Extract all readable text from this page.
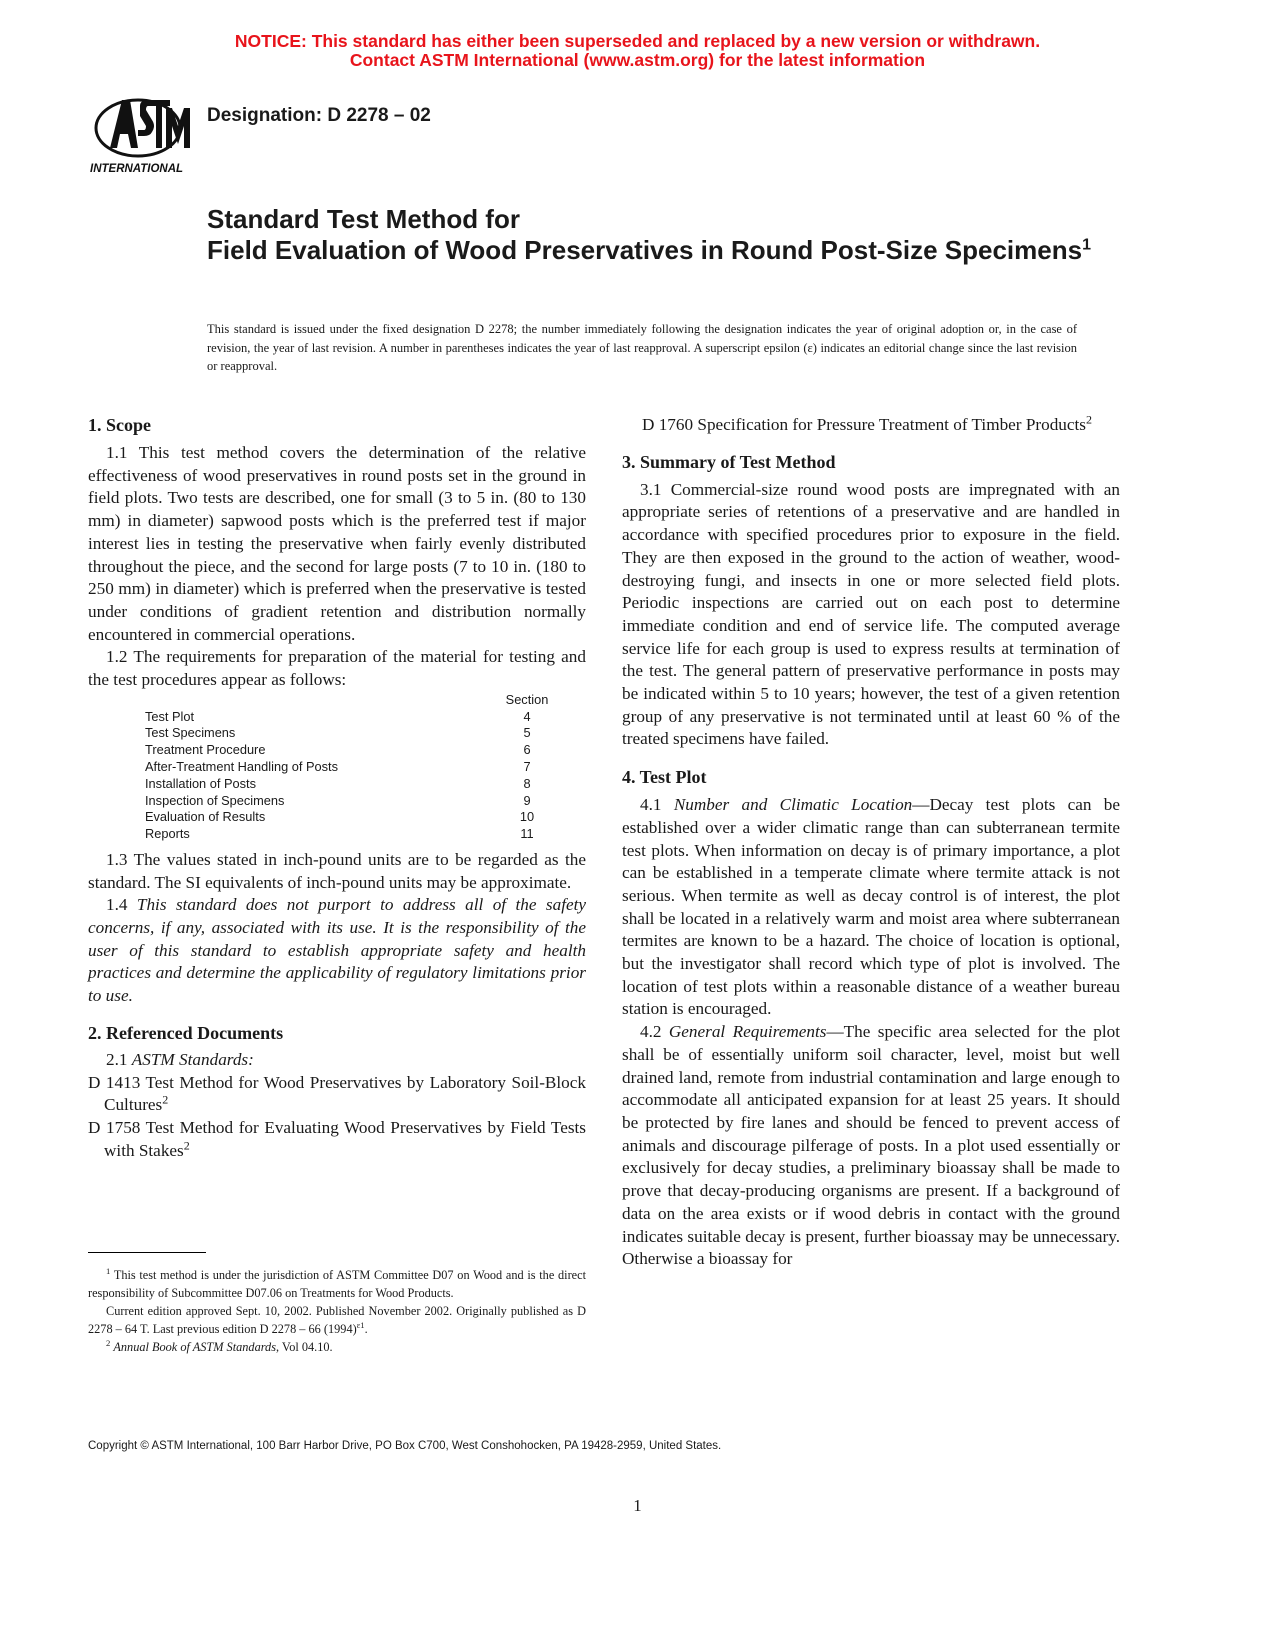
NOTICE: This standard has either been superseded and replaced by a new version or withdrawn.
Contact ASTM International (www.astm.org) for the latest information
INTERNATIONAL
Designation: D 2278 – 02
Standard Test Method for
Field Evaluation of Wood Preservatives in Round Post-Size Specimens$^1$
This standard is issued under the fixed designation D 2278; the number immediately following the designation indicates the year of original adoption or, in the case of revision, the year of last revision. A number in parentheses indicates the year of last reapproval. A superscript epsilon (ε) indicates an editorial change since the last revision or reapproval.
1. Scope

1.1 This test method covers the determination of the relative effectiveness of wood preservatives in round posts set in the ground in field plots. Two tests are described, one for small (3 to 5 in. (80 to 130 mm) in diameter) sapwood posts which is the preferred test if major interest lies in testing the preservative when fairly evenly distributed throughout the piece, and the second for large posts (7 to 10 in. (180 to 250 mm) in diameter) which is preferred when the preservative is tested under conditions of gradient retention and distribution normally encountered in commercial operations.

1.2 The requirements for preparation of the material for testing and the test procedures appear as follows:

	Section
Test Plot	4
Test Specimens	5
Treatment Procedure	6
After-Treatment Handling of Posts	7
Installation of Posts	8
Inspection of Specimens	9
Evaluation of Results	10
Reports	11

1.3 The values stated in inch-pound units are to be regarded as the standard. The SI equivalents of inch-pound units may be approximate.

1.4 This standard does not purport to address all of the safety concerns, if any, associated with its use. It is the responsibility of the user of this standard to establish appropriate safety and health practices and determine the applicability of regulatory limitations prior to use.

2. Referenced Documents

2.1 ASTM Standards:

D 1413 Test Method for Wood Preservatives by Laboratory Soil-Block Cultures$^2$

D 1758 Test Method for Evaluating Wood Preservatives by Field Tests with Stakes$^2$

D 1760 Specification for Pressure Treatment of Timber Products$^2$

3. Summary of Test Method

3.1 Commercial-size round wood posts are impregnated with an appropriate series of retentions of a preservative and are handled in accordance with specified procedures prior to exposure in the field. They are then exposed in the ground to the action of weather, wood-destroying fungi, and insects in one or more selected field plots. Periodic inspections are carried out on each post to determine immediate condition and end of service life. The computed average service life for each group is used to express results at termination of the test. The general pattern of preservative performance in posts may be indicated within 5 to 10 years; however, the test of a given retention group of any preservative is not terminated until at least 60 % of the treated specimens have failed.

4. Test Plot

4.1 Number and Climatic Location—Decay test plots can be established over a wider climatic range than can subterranean termite test plots. When information on decay is of primary importance, a plot can be established in a temperate climate where termite attack is not serious. When termite as well as decay control is of interest, the plot shall be located in a relatively warm and moist area where subterranean termites are known to be a hazard. The choice of location is optional, but the investigator shall record which type of plot is involved. The location of test plots within a reasonable distance of a weather bureau station is encouraged.

4.2 General Requirements—The specific area selected for the plot shall be of essentially uniform soil character, level, moist but well drained land, remote from industrial contamination and large enough to accommodate all anticipated expansion for at least 25 years. It should be protected by fire lanes and should be fenced to prevent access of animals and discourage pilferage of posts. In a plot used essentially or exclusively for decay studies, a preliminary bioassay shall be made to prove that decay-producing organisms are present. If a background of data on the area exists or if wood debris in contact with the ground indicates suitable decay is present, further bioassay may be unnecessary. Otherwise a bioassay for

$^1$ This test method is under the jurisdiction of ASTM Committee D07 on Wood and is the direct responsibility of Subcommittee D07.06 on Treatments for Wood Products.

Current edition approved Sept. 10, 2002. Published November 2002. Originally published as D 2278 – 64 T. Last previous edition D 2278 – 66 $(1994)^{\varepsilon 1}$.

$^2$ Annual Book of ASTM Standards, Vol 04.10.

Copyright © ASTM International, 100 Barr Harbor Drive, PO Box C700, West Conshohocken, PA 19428-2959, United States.
1
